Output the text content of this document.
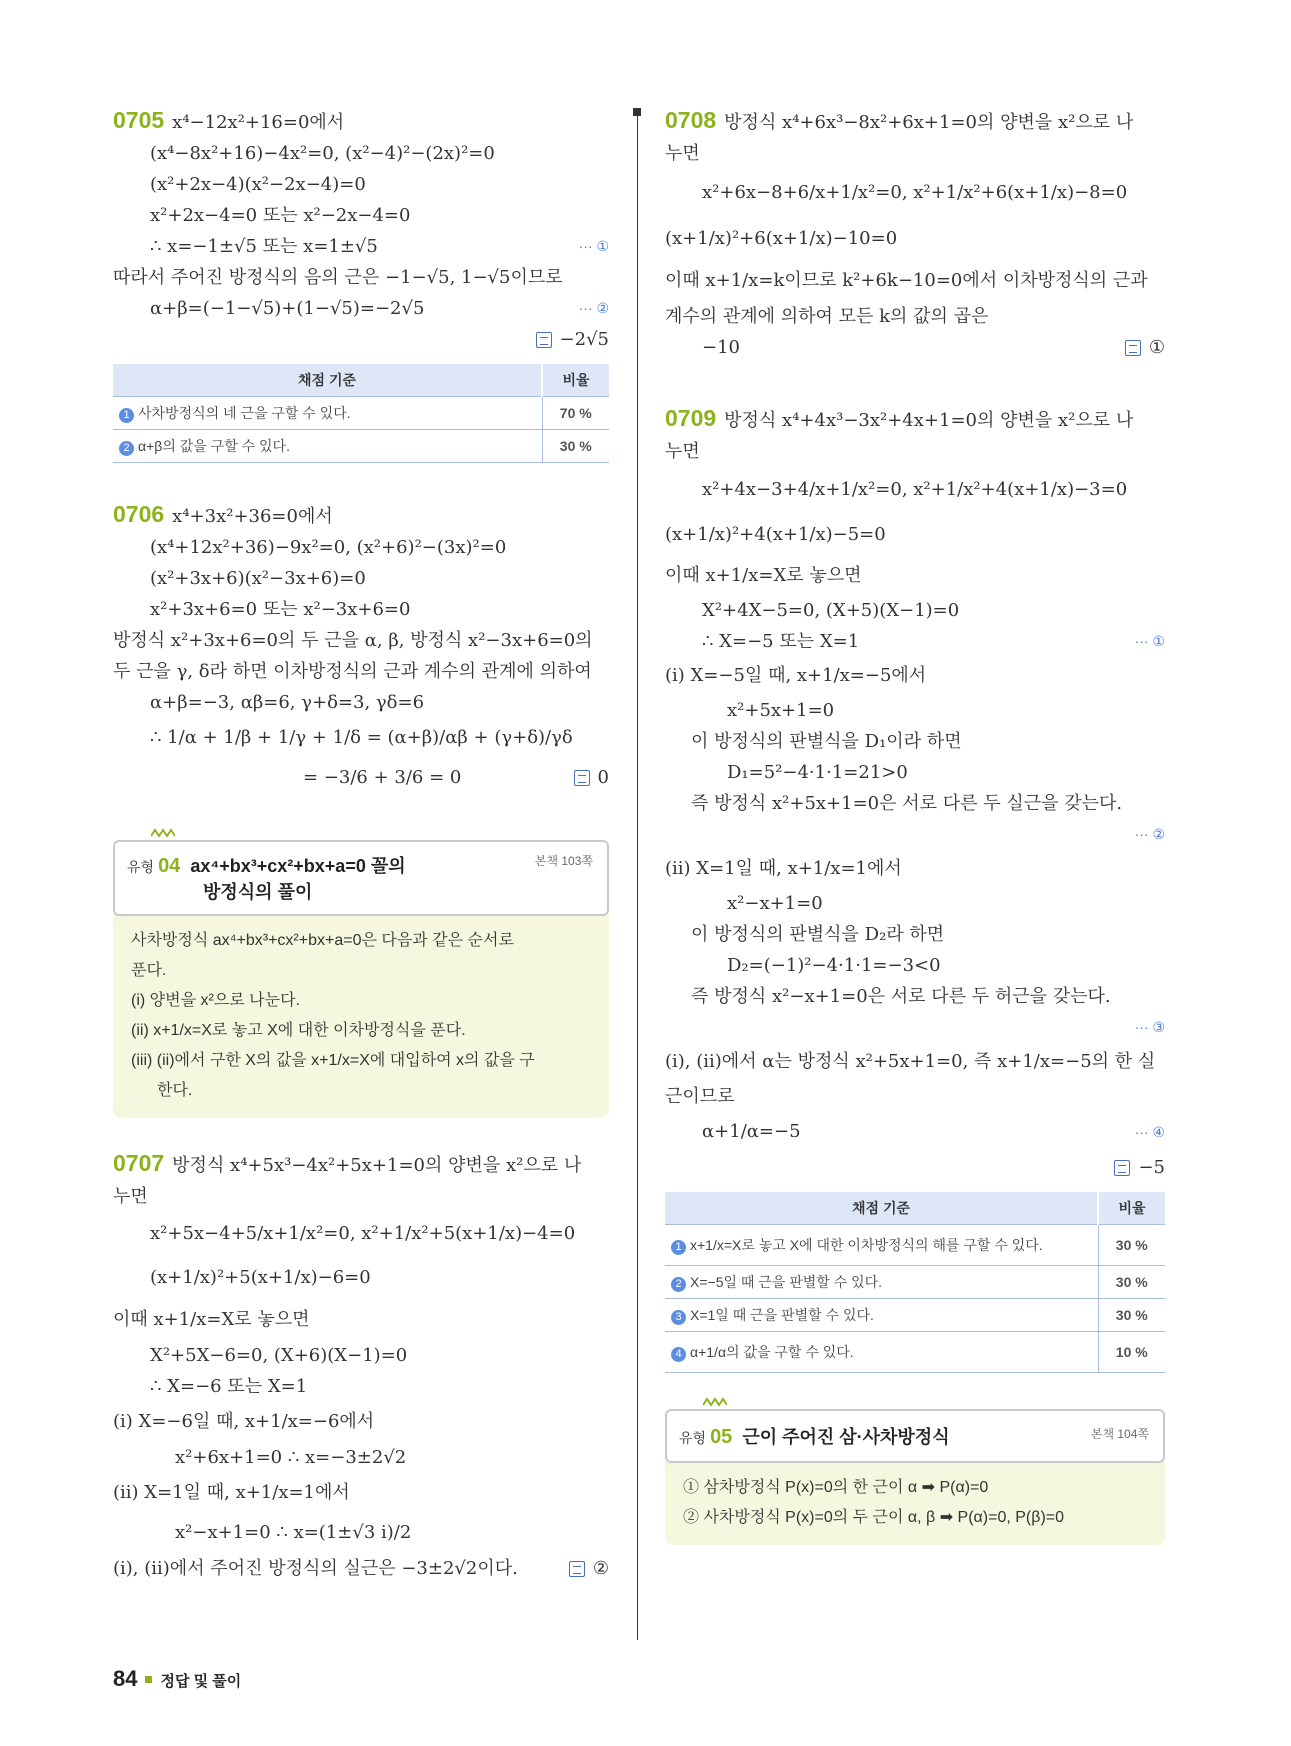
0705 x⁴−12x²+16=0에서
(x⁴−8x²+16)−4x²=0, (x²−4)²−(2x)²=0
(x²+2x−4)(x²−2x−4)=0
x²+2x−4=0 또는 x²−2x−4=0
··· ①
∴ x=−1±√5 또는 x=1±√5
따라서 주어진 방정식의 음의 근은 −1−√5, 1−√5이므로
··· ②
α+β=(−1−√5)+(1−√5)=−2√5
−2√5
채점 기준	비율
1 사차방정식의 네 근을 구할 수 있다.	70 %
2 α+β의 값을 구할 수 있다.	30 %
0706 x⁴+3x²+36=0에서
(x⁴+12x²+36)−9x²=0, (x²+6)²−(3x)²=0
(x²+3x+6)(x²−3x+6)=0
x²+3x+6=0 또는 x²−3x+6=0
방정식 x²+3x+6=0의 두 근을 α, β, 방정식 x²−3x+6=0의
두 근을 γ, δ라 하면 이차방정식의 근과 계수의 관계에 의하여
α+β=−3, αβ=6, γ+δ=3, γδ=6
∴ 1/α + 1/β + 1/γ + 1/δ = (α+β)/αβ + (γ+δ)/γδ
0
= −3/6 + 3/6 = 0
유형 04 ax⁴+bx³+cx²+bx+a=0 꼴의
방정식의 풀이
본책 103쪽
사차방정식 ax⁴+bx³+cx²+bx+a=0은 다음과 같은 순서로
푼다.
(i) 양변을 x²으로 나눈다.
(ii) x+1/x=X로 놓고 X에 대한 이차방정식을 푼다.
(iii) (ii)에서 구한 X의 값을 x+1/x=X에 대입하여 x의 값을 구
한다.
0707 방정식 x⁴+5x³−4x²+5x+1=0의 양변을 x²으로 나
누면
x²+5x−4+5/x+1/x²=0, x²+1/x²+5(x+1/x)−4=0
(x+1/x)²+5(x+1/x)−6=0
이때 x+1/x=X로 놓으면
X²+5X−6=0, (X+6)(X−1)=0
∴ X=−6 또는 X=1
(i) X=−6일 때, x+1/x=−6에서
x²+6x+1=0 ∴ x=−3±2√2
(ii) X=1일 때, x+1/x=1에서
x²−x+1=0 ∴ x=(1±√3 i)/2
②
(i), (ii)에서 주어진 방정식의 실근은 −3±2√2이다.
0708 방정식 x⁴+6x³−8x²+6x+1=0의 양변을 x²으로 나
누면
x²+6x−8+6/x+1/x²=0, x²+1/x²+6(x+1/x)−8=0
(x+1/x)²+6(x+1/x)−10=0
이때 x+1/x=k이므로 k²+6k−10=0에서 이차방정식의 근과
계수의 관계에 의하여 모든 k의 값의 곱은
①
−10
0709 방정식 x⁴+4x³−3x²+4x+1=0의 양변을 x²으로 나
누면
x²+4x−3+4/x+1/x²=0, x²+1/x²+4(x+1/x)−3=0
(x+1/x)²+4(x+1/x)−5=0
이때 x+1/x=X로 놓으면
X²+4X−5=0, (X+5)(X−1)=0
··· ①
∴ X=−5 또는 X=1
(i) X=−5일 때, x+1/x=−5에서
x²+5x+1=0
이 방정식의 판별식을 D₁이라 하면
D₁=5²−4·1·1=21>0
즉 방정식 x²+5x+1=0은 서로 다른 두 실근을 갖는다.
··· ②

(ii) X=1일 때, x+1/x=1에서
x²−x+1=0
이 방정식의 판별식을 D₂라 하면
D₂=(−1)²−4·1·1=−3<0
즉 방정식 x²−x+1=0은 서로 다른 두 허근을 갖는다.
··· ③

(i), (ii)에서 α는 방정식 x²+5x+1=0, 즉 x+1/x=−5의 한 실
근이므로
··· ④
α+1/α=−5
−5
채점 기준	비율
1 x+1/x=X로 놓고 X에 대한 이차방정식의 해를 구할 수 있다.	30 %
2 X=−5일 때 근을 판별할 수 있다.	30 %
3 X=1일 때 근을 판별할 수 있다.	30 %
4 α+1/α의 값을 구할 수 있다.	10 %
유형 05 근이 주어진 삼·사차방정식	본책 104쪽
① 삼차방정식 P(x)=0의 한 근이 α ➡ P(α)=0
② 사차방정식 P(x)=0의 두 근이 α, β ➡ P(α)=0, P(β)=0
84 정답 및 풀이
